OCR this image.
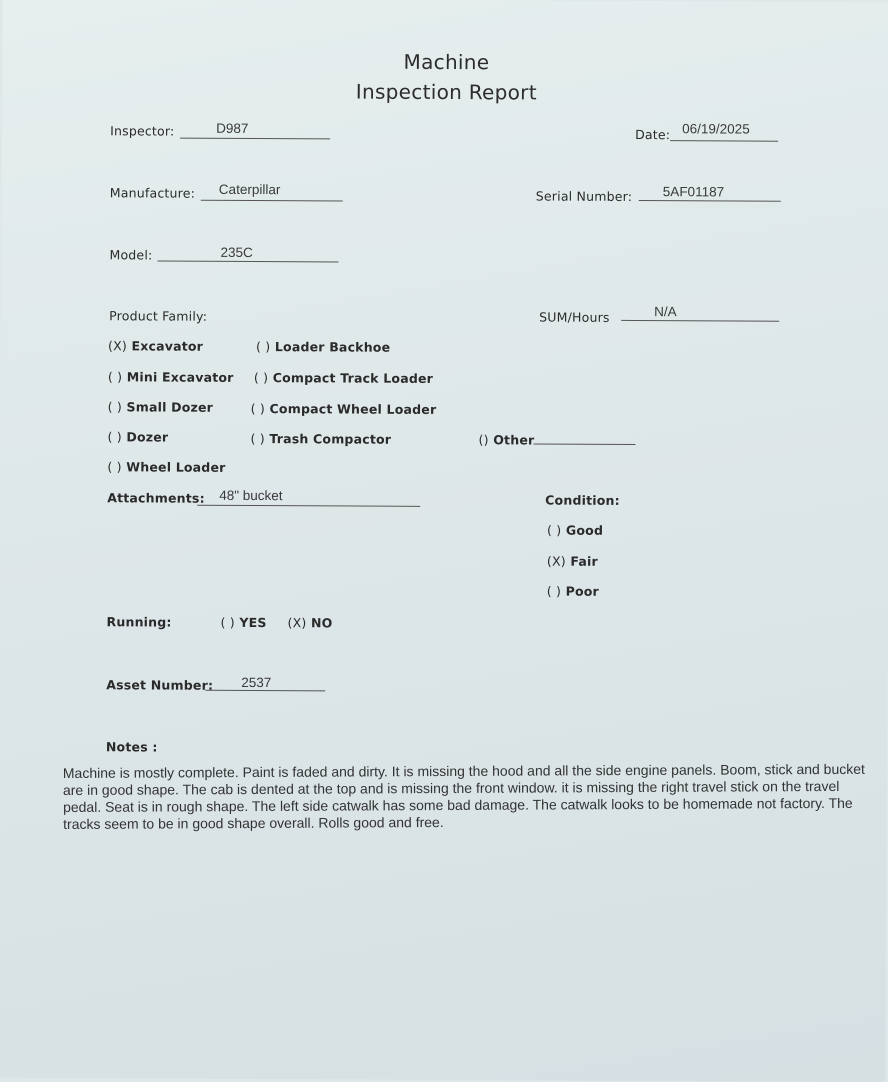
Machine
Inspection Report
Inspector:	D987	Date: 06/19/2025
Manufacture: Caterpillar	Serial Number: 5AF01187
Model:	235C
Product Family:	SUM/Hours	N/A
(X) Excavator	( ) Loader Backhoe
( ) Mini Excavator ( ) Compact Track Loader
( ) Small Dozer	( ) Compact Wheel Loader
( ) Dozer	( ) Trash Compactor	() Other
( ) Wheel Loader
Attachments: 48" bucket	Condition:
( ) Good
(X) Fair
( ) Poor
Running:	( ) YES (X) NO
Asset Number: 2537
Notes :
Machine is mostly complete. Paint is faded and dirty. It is missing the hood and all the side engine panels. Boom, stick and bucket are in good shape. The cab is dented at the top and is missing the front window. it is missing the right travel stick on the travel pedal. Seat is in rough shape. The left side catwalk has some bad damage. The catwalk looks to be homemade not factory. The tracks seem to be in good shape overall. Rolls good and free.
